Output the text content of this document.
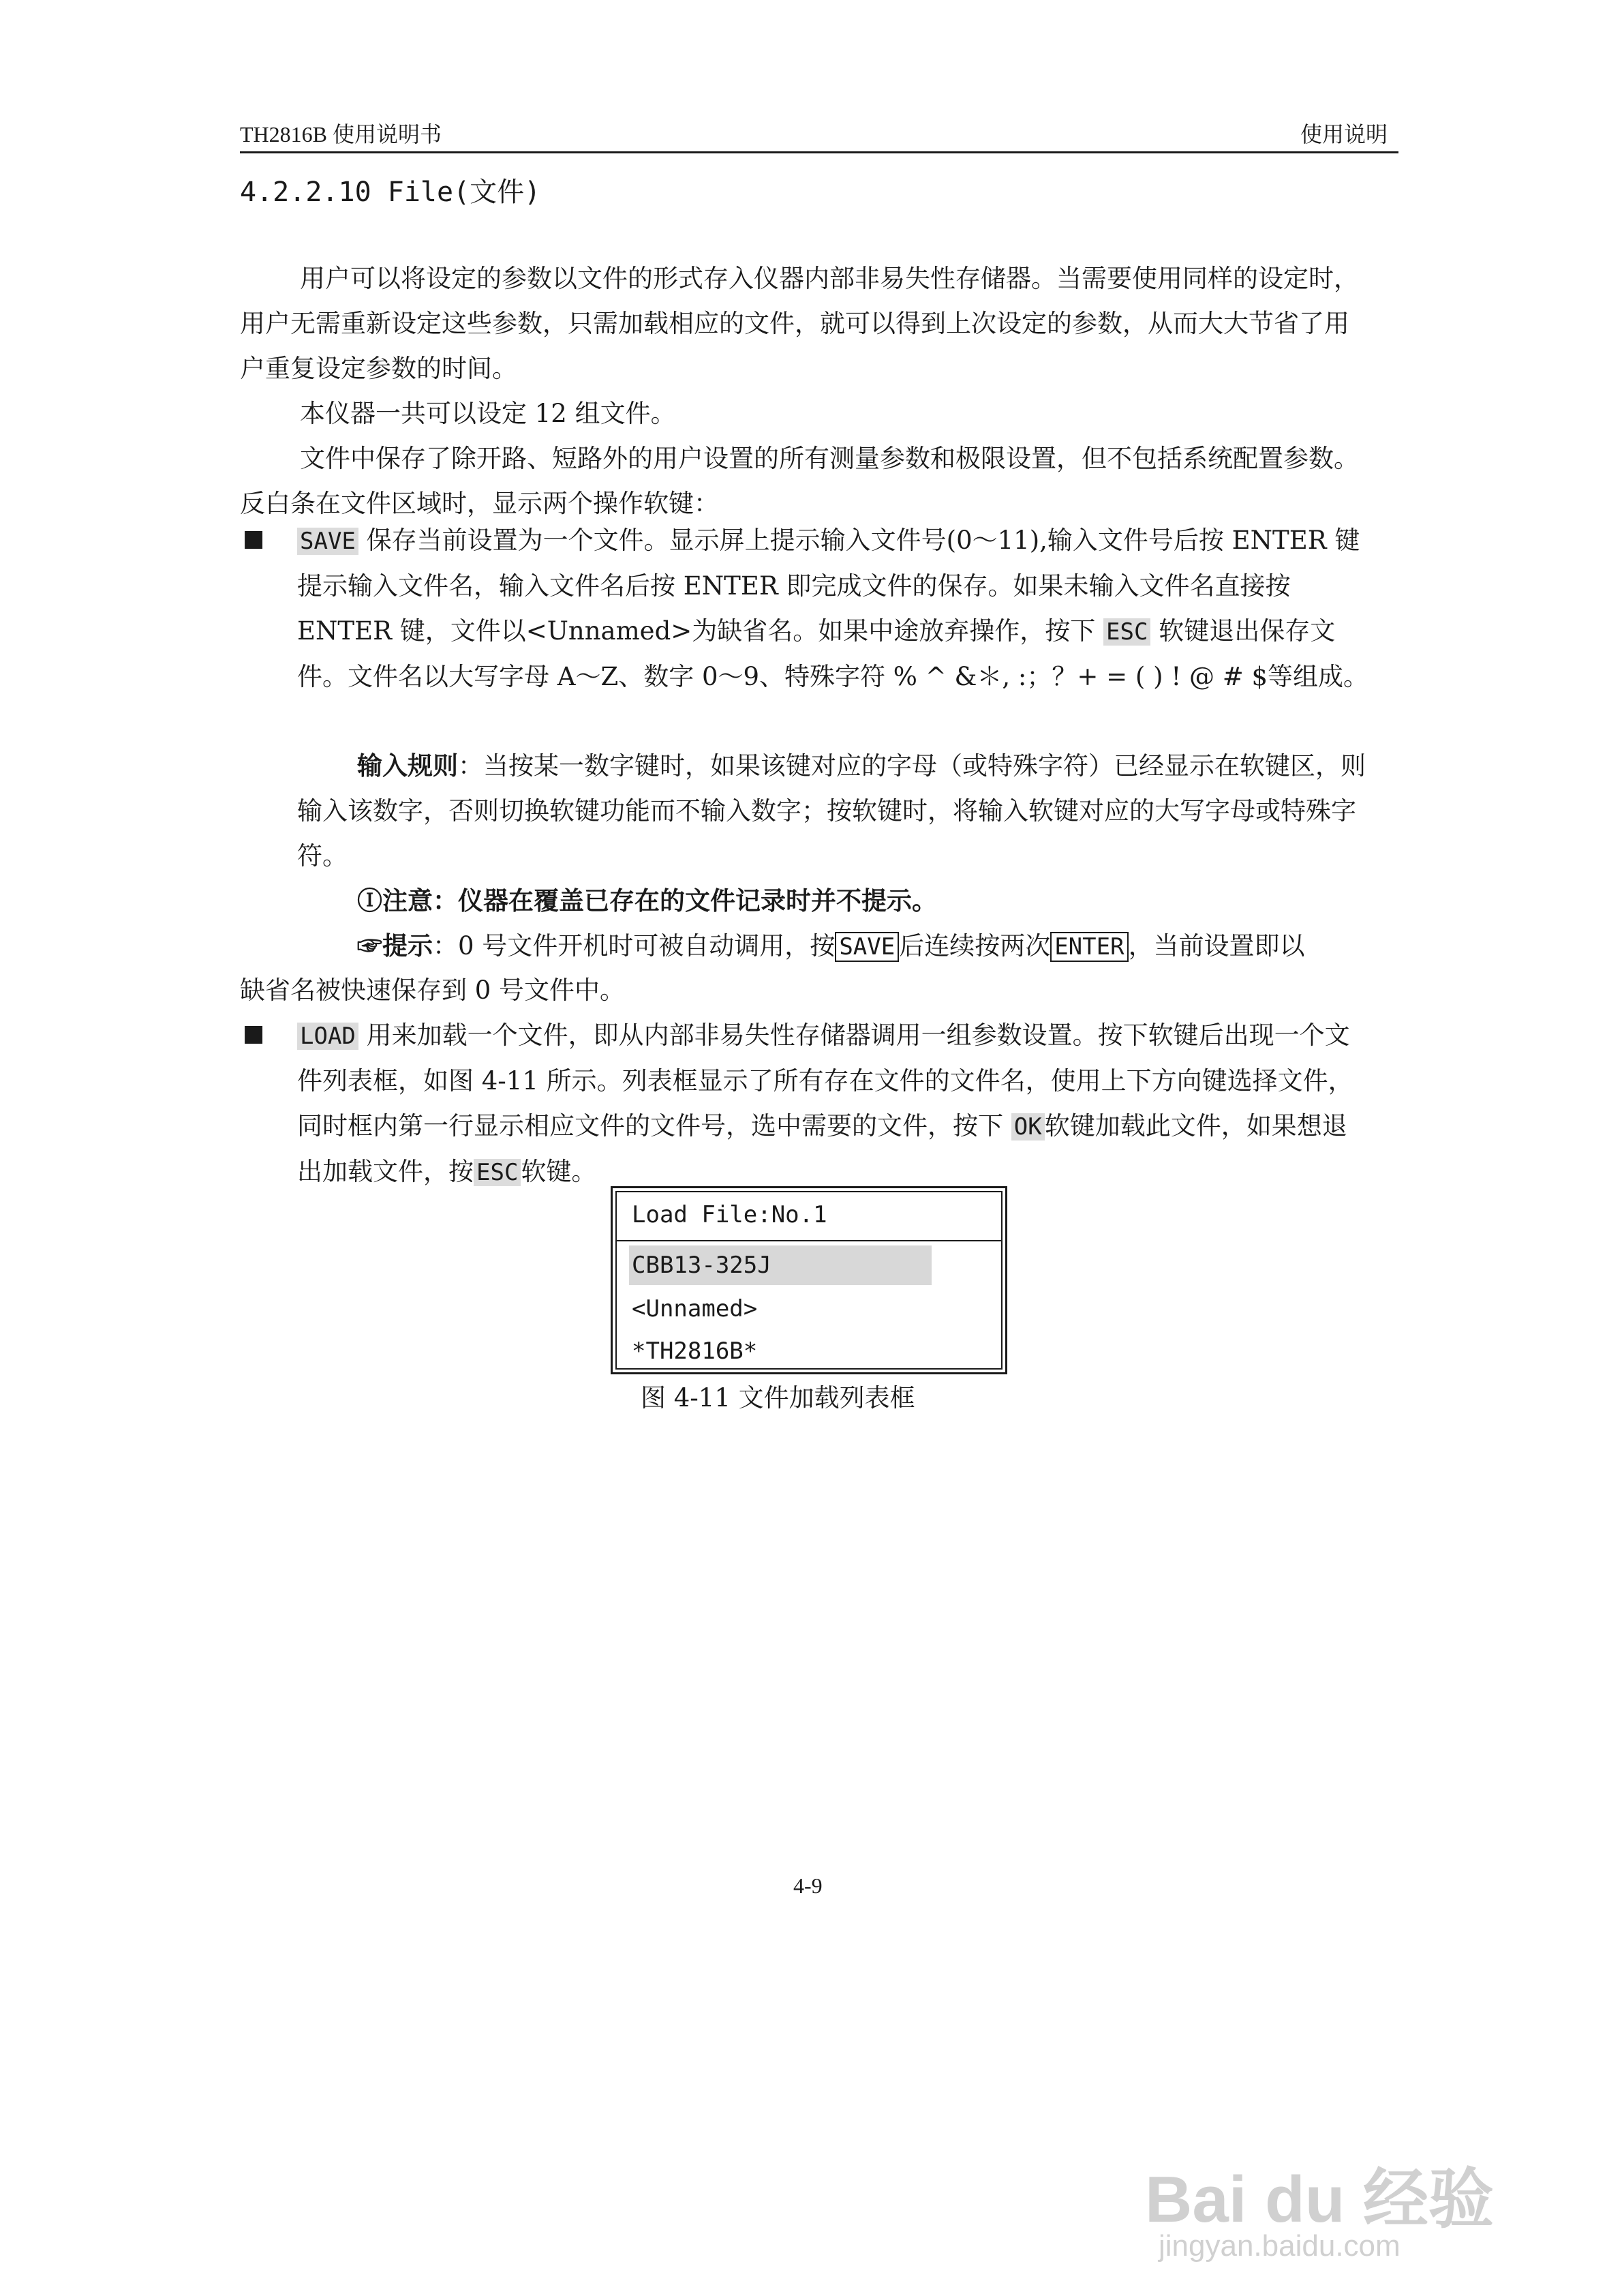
TH2816B 使用说明书	使用说明
4.2.2.10 File(文件)
用户可以将设定的参数以文件的形式存入仪器内部非易失性存储器。当需要使用同样的设定时，用户无需重新设定这些参数，只需加载相应的文件，就可以得到上次设定的参数，从而大大节省了用户重复设定参数的时间。
本仪器一共可以设定 12 组文件。
文件中保存了除开路、短路外的用户设置的所有测量参数和极限设置，但不包括系统配置参数。反白条在文件区域时，显示两个操作软键：
■ SAVE 保存当前设置为一个文件。显示屏上提示输入文件号(0～11),输入文件号后按 ENTER 键提示输入文件名，输入文件名后按 ENTER 即完成文件的保存。如果未输入文件名直接按 ENTER 键，文件以<Unnamed>为缺省名。如果中途放弃操作，按下 ESC 软键退出保存文件。文件名以大写字母 A～Z、数字 0～9、特殊字符 % ^ &＊, :；？+ = ( ) ! @ # $等组成。
输入规则：当按某一数字键时，如果该键对应的字母（或特殊字符）已经显示在软键区，则输入该数字，否则切换软键功能而不输入数字；按软键时，将输入软键对应的大写字母或特殊字符。
Ⓘ注意：仪器在覆盖已存在的文件记录时并不提示。
☞提示：0 号文件开机时可被自动调用，按 SAVE 后连续按两次 ENTER ，当前设置即以
缺省名被快速保存到 0 号文件中。
■ LOAD 用来加载一个文件，即从内部非易失性存储器调用一组参数设置。按下软键后出现一个文件列表框，如图 4-11 所示。列表框显示了所有存在文件的文件名，使用上下方向键选择文件，同时框内第一行显示相应文件的文件号，选中需要的文件，按下 OK 软键加载此文件，如果想退出加载文件，按 ESC 软键。
Load File:No.1
CBB13-325J
<Unnamed>
*TH2816B*
图 4-11 文件加载列表框
4-9
Bai du 经验
jingyan.baidu.com
